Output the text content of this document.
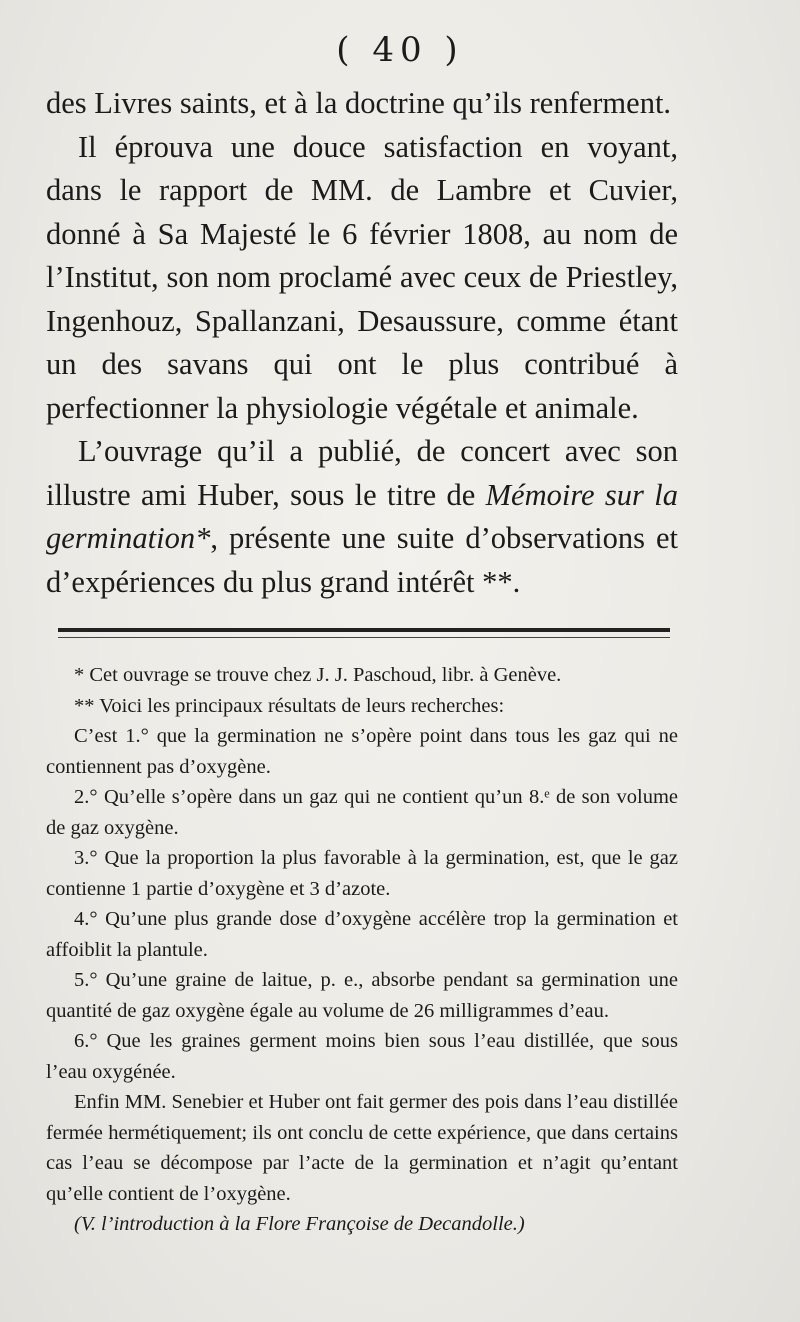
( 40 )

des Livres saints, et à la doctrine qu’ils renferment.

Il éprouva une douce satisfaction en voyant, dans le rapport de MM. de Lambre et Cuvier, donné à Sa Majesté le 6 février 1808, au nom de l’Institut, son nom proclamé avec ceux de Priestley, Ingenhouz, Spallanzani, Desaussure, comme étant un des savans qui ont le plus contribué à perfectionner la physiologie végétale et animale.

L’ouvrage qu’il a publié, de concert avec son illustre ami Huber, sous le titre de Mémoire sur la germination*, présente une suite d’observations et d’expériences du plus grand intérêt **.

* Cet ouvrage se trouve chez J. J. Paschoud, libr. à Genève.

** Voici les principaux résultats de leurs recherches:

C’est 1.° que la germination ne s’opère point dans tous les gaz qui ne contiennent pas d’oxygène.

2.° Qu’elle s’opère dans un gaz qui ne contient qu’un 8.ᵉ de son volume de gaz oxygène.

3.° Que la proportion la plus favorable à la germination, est, que le gaz contienne 1 partie d’oxygène et 3 d’azote.

4.° Qu’une plus grande dose d’oxygène accélère trop la germination et affoiblit la plantule.

5.° Qu’une graine de laitue, p. e., absorbe pendant sa germination une quantité de gaz oxygène égale au volume de 26 milligrammes d’eau.

6.° Que les graines germent moins bien sous l’eau distillée, que sous l’eau oxygénée.

Enfin MM. Senebier et Huber ont fait germer des pois dans l’eau distillée fermée hermétiquement; ils ont conclu de cette expérience, que dans certains cas l’eau se décompose par l’acte de la germination et n’agit qu’entant qu’elle contient de l’oxygène.

(V. l’introduction à la Flore Françoise de Decandolle.)
